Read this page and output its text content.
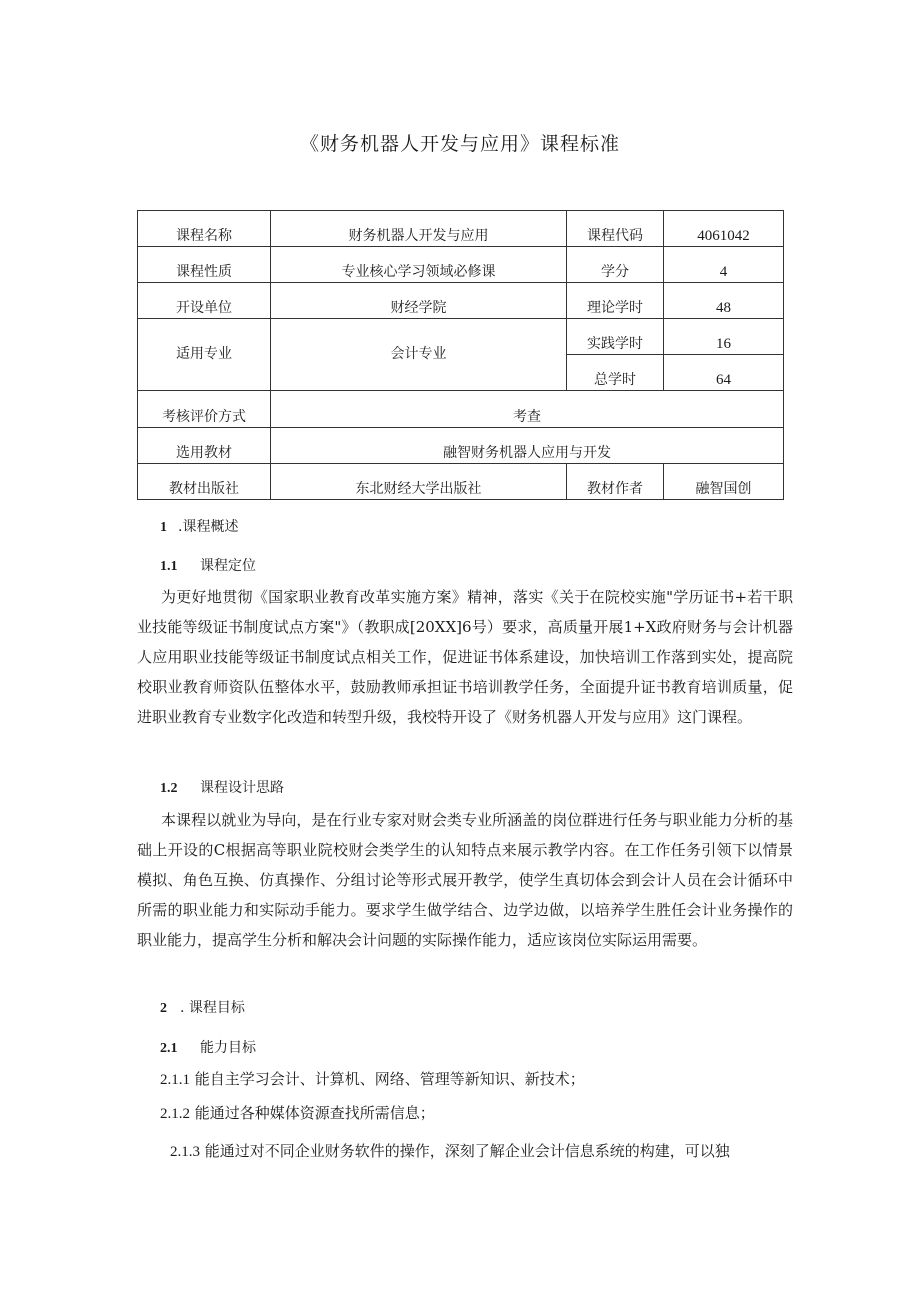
《财务机器人开发与应用》课程标准
课程名称	财务机器人开发与应用	课程代码	4061042
课程性质	专业核心学习领域必修课	学分	4
开设单位	财经学院	理论学时	48
适用专业	会计专业	实践学时	16
		总学时	64
考核评价方式	考查		
选用教材	融智财务机器人应用与开发		
教材出版社	东北财经大学出版社	教材作者	融智国创
1 .课程概述
1.1 课程定位
为更好地贯彻《国家职业教育改革实施方案》精神，落实《关于在院校实施"学历证书+若干职业技能等级证书制度试点方案"》（教职成[20XX]6号）要求，高质量开展1+X政府财务与会计机器人应用职业技能等级证书制度试点相关工作，促进证书体系建设，加快培训工作落到实处，提高院校职业教育师资队伍整体水平，鼓励教师承担证书培训教学任务，全面提升证书教育培训质量，促进职业教育专业数字化改造和转型升级，我校特开设了《财务机器人开发与应用》这门课程。
1.2 课程设计思路
本课程以就业为导向，是在行业专家对财会类专业所涵盖的岗位群进行任务与职业能力分析的基础上开设的C根据高等职业院校财会类学生的认知特点来展示教学内容。在工作任务引领下以情景模拟、角色互换、仿真操作、分组讨论等形式展开教学，使学生真切体会到会计人员在会计循环中所需的职业能力和实际动手能力。要求学生做学结合、边学边做，以培养学生胜任会计业务操作的职业能力，提高学生分析和解决会计问题的实际操作能力，适应该岗位实际运用需要。
2 . 课程目标
2.1 能力目标
2.1.1 能自主学习会计、计算机、网络、管理等新知识、新技术；
2.1.2 能通过各种媒体资源查找所需信息；
2.1.3 能通过对不同企业财务软件的操作，深刻了解企业会计信息系统的构建，可以独
